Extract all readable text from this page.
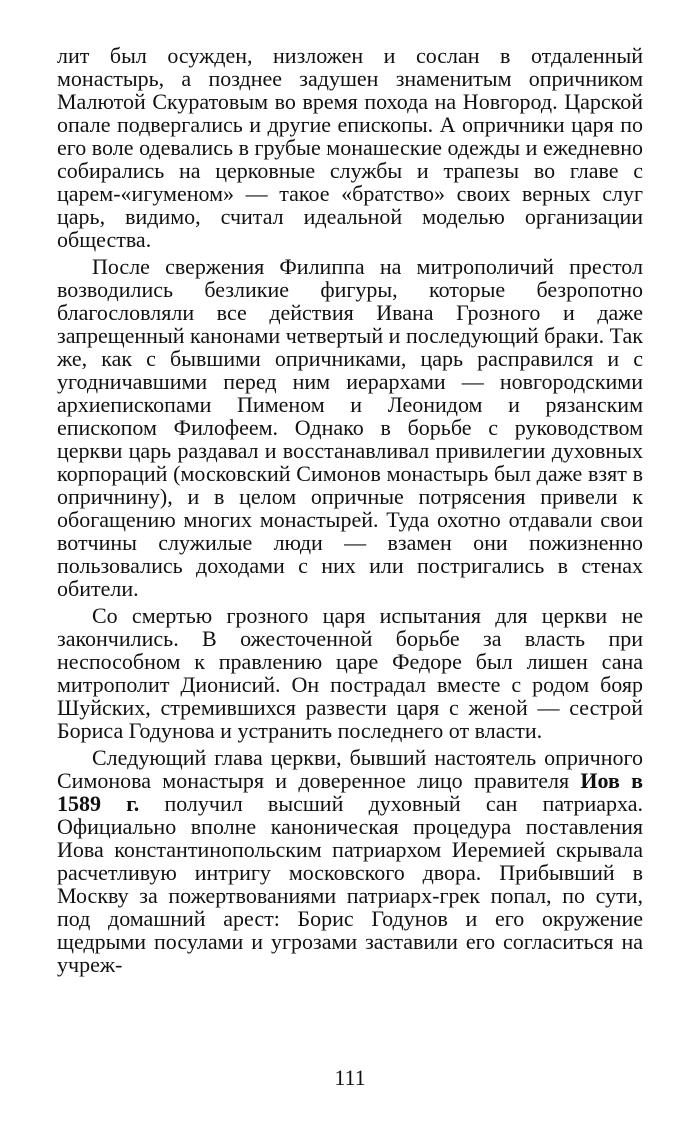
лит был осужден, низложен и сослан в отдаленный монастырь, а позднее задушен знаменитым опричником Малютой Скуратовым во время похода на Новгород. Царской опале подвергались и другие епископы. А опричники царя по его воле одевались в грубые монашеские одежды и ежедневно собирались на церковные службы и трапезы во главе с царем-«игуменом» — такое «братство» своих верных слуг царь, видимо, считал идеальной моделью организации общества.

После свержения Филиппа на митрополичий престол возводились безликие фигуры, которые безропотно благословляли все действия Ивана Грозного и даже запрещенный канонами четвертый и последующий браки. Так же, как с бывшими опричниками, царь расправился и с угодничавшими перед ним иерархами — новгородскими архиепископами Пименом и Леонидом и рязанским епископом Филофеем. Однако в борьбе с руководством церкви царь раздавал и восстанавливал привилегии духовных корпораций (московский Симонов монастырь был даже взят в опричнину), и в целом опричные потрясения привели к обогащению многих монастырей. Туда охотно отдавали свои вотчины служилые люди — взамен они пожизненно пользовались доходами с них или постригались в стенах обители.

Со смертью грозного царя испытания для церкви не закончились. В ожесточенной борьбе за власть при неспособном к правлению царе Федоре был лишен сана митрополит Дионисий. Он пострадал вместе с родом бояр Шуйских, стремившихся развести царя с женой — сестрой Бориса Годунова и устранить последнего от власти.

Следующий глава церкви, бывший настоятель опричного Симонова монастыря и доверенное лицо правителя Иов в 1589 г. получил высший духовный сан патриарха. Официально вполне каноническая процедура поставления Иова константинопольским патриархом Иеремией скрывала расчетливую интригу московского двора. Прибывший в Москву за пожертвованиями патриарх-грек попал, по сути, под домашний арест: Борис Годунов и его окружение щедрыми посулами и угрозами заставили его согласиться на учреж-

111
